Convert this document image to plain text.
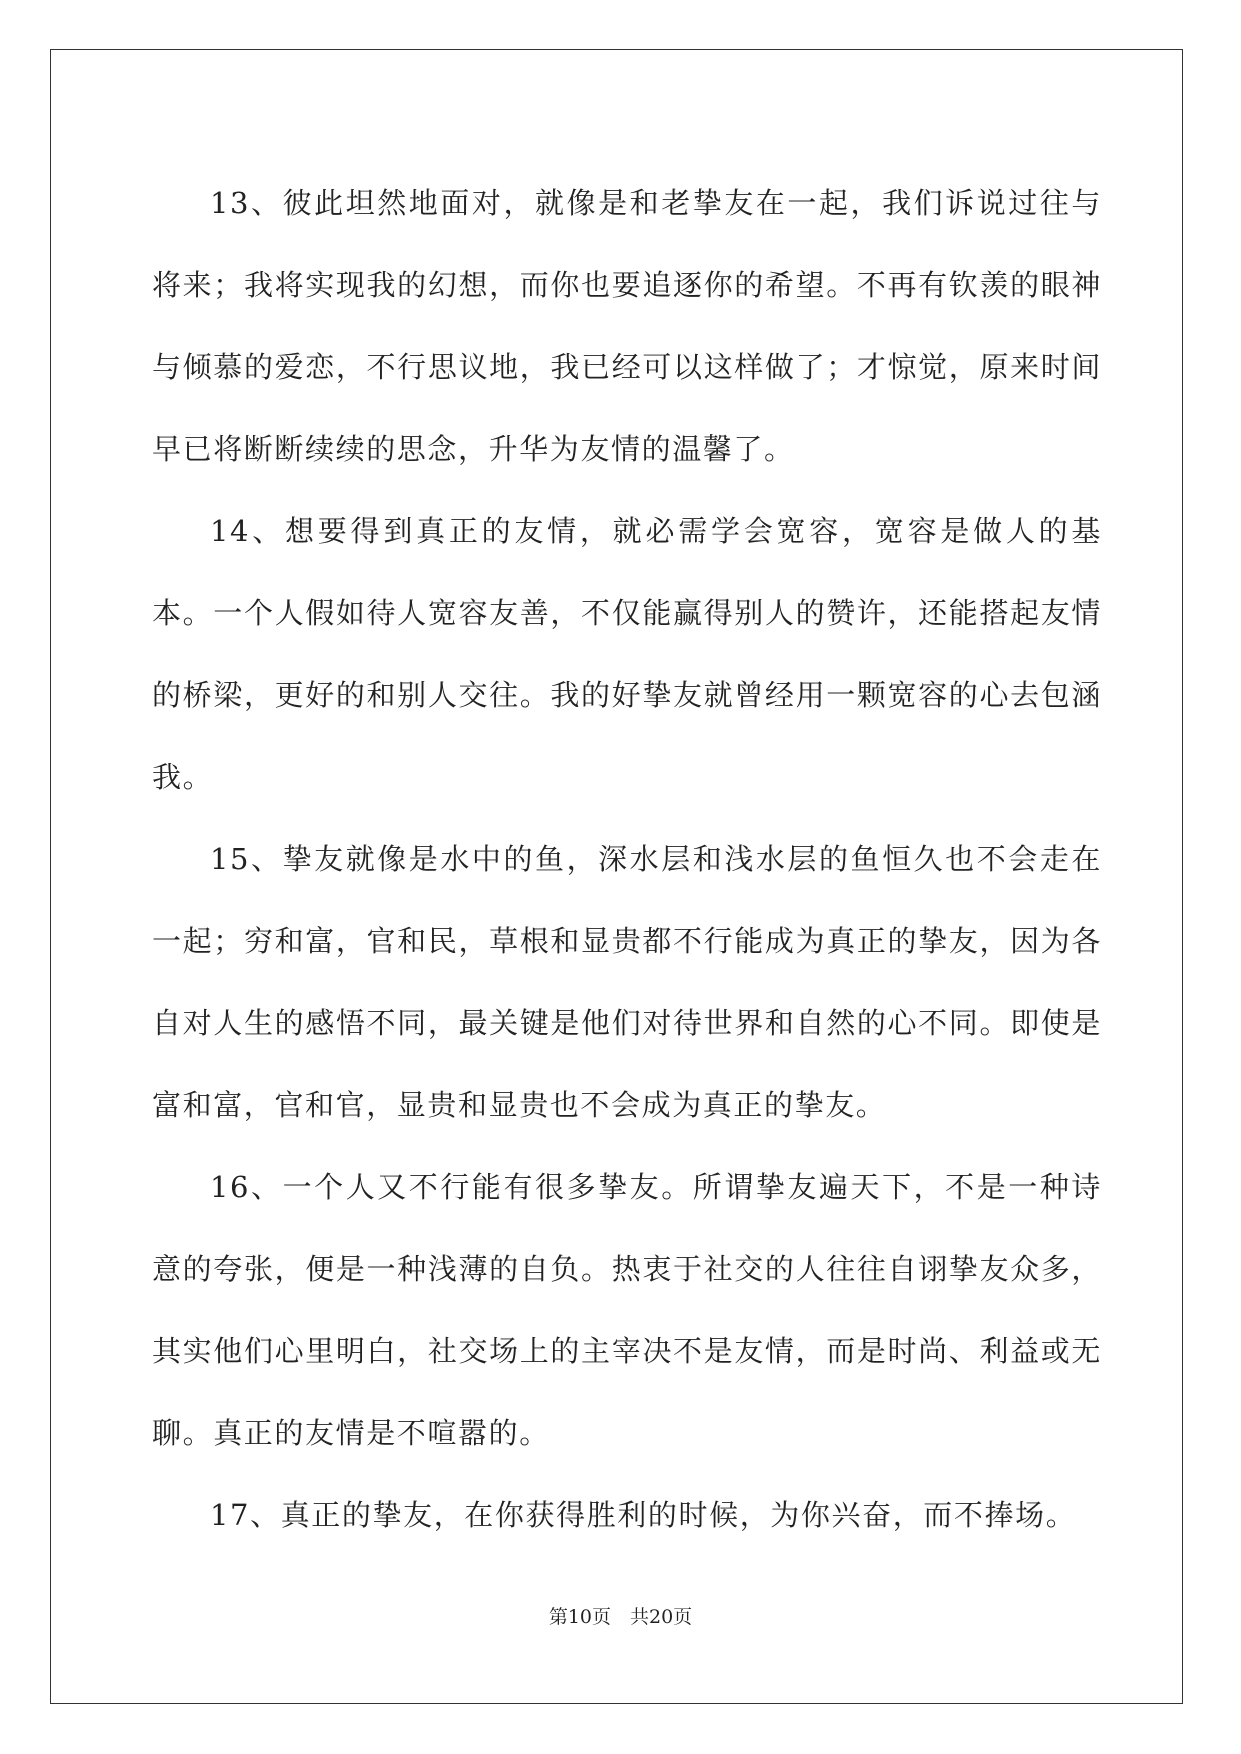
13、彼此坦然地面对，就像是和老挚友在一起，我们诉说过往与将来；我将实现我的幻想，而你也要追逐你的希望。不再有钦羡的眼神与倾慕的爱恋，不行思议地，我已经可以这样做了；才惊觉，原来时间早已将断断续续的思念，升华为友情的温馨了。

14、想要得到真正的友情，就必需学会宽容，宽容是做人的基本。一个人假如待人宽容友善，不仅能赢得别人的赞许，还能搭起友情的桥梁，更好的和别人交往。我的好挚友就曾经用一颗宽容的心去包涵我。

15、挚友就像是水中的鱼，深水层和浅水层的鱼恒久也不会走在一起；穷和富，官和民，草根和显贵都不行能成为真正的挚友，因为各自对人生的感悟不同，最关键是他们对待世界和自然的心不同。即使是富和富，官和官，显贵和显贵也不会成为真正的挚友。

16、一个人又不行能有很多挚友。所谓挚友遍天下，不是一种诗意的夸张，便是一种浅薄的自负。热衷于社交的人往往自诩挚友众多，其实他们心里明白，社交场上的主宰决不是友情，而是时尚、利益或无聊。真正的友情是不喧嚣的。

17、真正的挚友，在你获得胜利的时候，为你兴奋，而不捧场。

第10页　共20页
